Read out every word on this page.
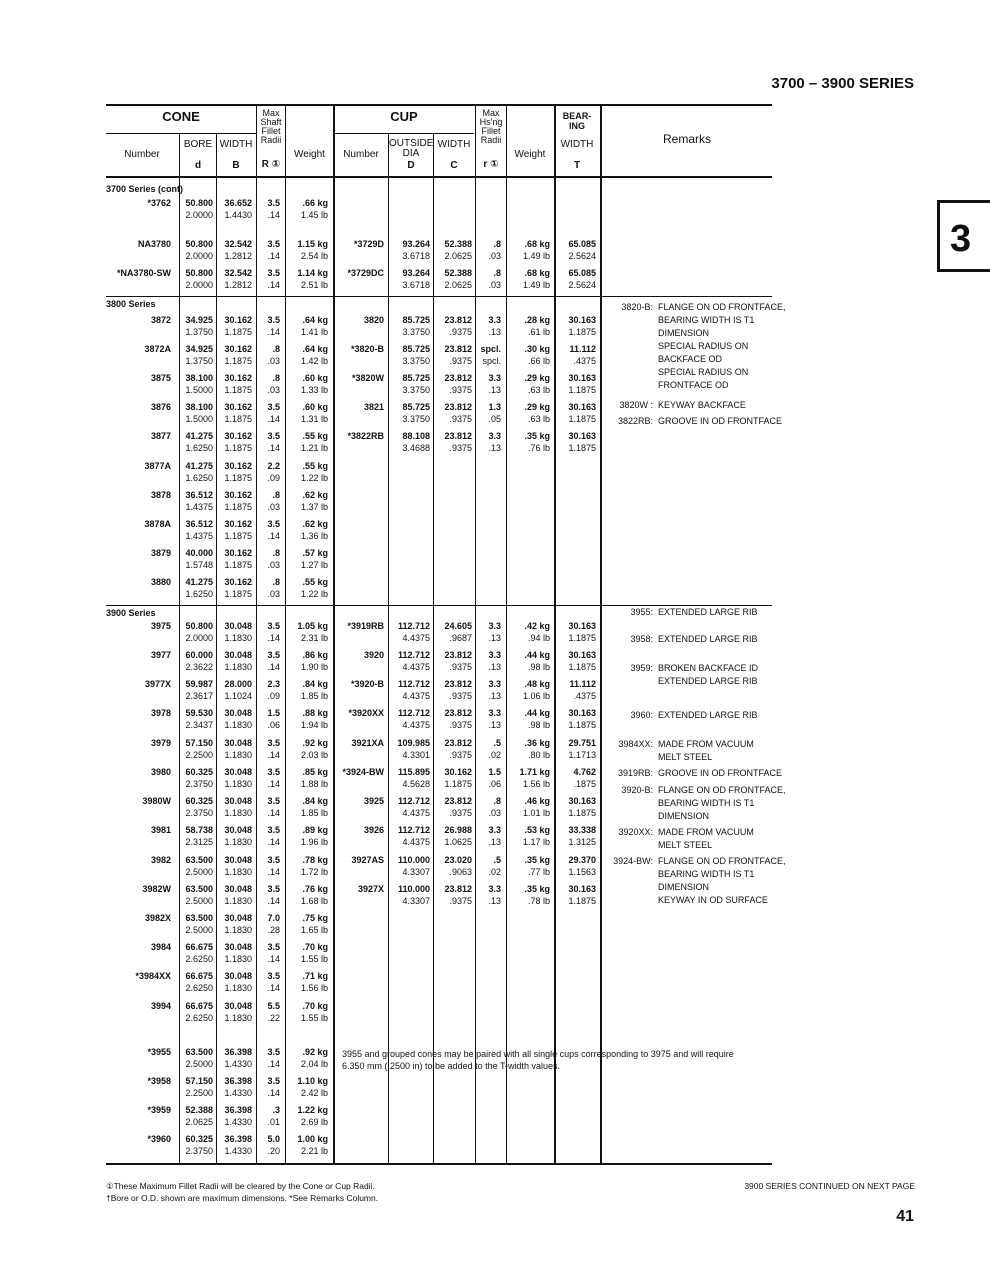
3700 – 3900 SERIES
3
CONE
Number
BORE
d
WIDTH
B
Max Shaft Fillet Radii
R ①
Weight
CUP
Number
OUTSIDE DIA
D
WIDTH
C
Max Hs'ng Fillet Radii
r ①
Weight
BEAR- ING
WIDTH
T
Remarks
3700 Series (cont)
3800 Series
3900 Series
*3762 50.800
2.0000
36.652
1.4430
3.5
.14
.66 kg
1.45 lb
NA3780 50.800
2.0000
32.542
1.2812
3.5
.14
1.15 kg
2.54 lb
93.264
3.6718
52.388
2.0625
.8
.03
.68 kg
1.49 lb
65.085
2.5624
*3729D
*NA3780-SW 50.800
2.0000
32.542
1.2812
3.5
.14
1.14 kg
2.51 lb
93.264
3.6718
52.388
2.0625
.8
.03
.68 kg
1.49 lb
65.085
2.5624
*3729DC
3872 34.925
1.3750
30.162
1.1875
3.5
.14
.64 kg
1.41 lb
85.725
3.3750
23.812
.9375
3.3
.13
.28 kg
.61 lb
30.163
1.1875
3820
3872A 34.925
1.3750
30.162
1.1875
.8
.03
.64 kg
1.42 lb
85.725
3.3750
23.812
.9375
spcl.
spcl.
.30 kg
.66 lb
11.112
.4375
*3820-B
3875 38.100
1.5000
30.162
1.1875
.8
.03
.60 kg
1.33 lb
85.725
3.3750
23.812
.9375
3.3
.13
.29 kg
.63 lb
30.163
1.1875
*3820W
3876 38.100
1.5000
30.162
1.1875
3.5
.14
.60 kg
1.31 lb
85.725
3.3750
23.812
.9375
1.3
.05
.29 kg
.63 lb
30.163
1.1875
3821
3877 41.275
1.6250
30.162
1.1875
3.5
.14
.55 kg
1.21 lb
88.108
3.4688
23.812
.9375
3.3
.13
.35 kg
.76 lb
30.163
1.1875
*3822RB
3877A 41.275
1.6250
30.162
1.1875
2.2
.09
.55 kg
1.22 lb
3878 36.512
1.4375
30.162
1.1875
.8
.03
.62 kg
1.37 lb
3878A 36.512
1.4375
30.162
1.1875
3.5
.14
.62 kg
1.36 lb
3879 40.000
1.5748
30.162
1.1875
.8
.03
.57 kg
1.27 lb
3880 41.275
1.6250
30.162
1.1875
.8
.03
.55 kg
1.22 lb
3975 50.800
2.0000
30.048
1.1830
3.5
.14
1.05 kg
2.31 lb
112.712
4.4375
24.605
.9687
3.3
.13
.42 kg
.94 lb
30.163
1.1875
*3919RB
3977 60.000
2.3622
30.048
1.1830
3.5
.14
.86 kg
1.90 lb
112.712
4.4375
23.812
.9375
3.3
.13
.44 kg
.98 lb
30.163
1.1875
3920
3977X 59.987
2.3617
28.000
1.1024
2.3
.09
.84 kg
1.85 lb
112.712
4.4375
23.812
.9375
3.3
.13
.48 kg
1.06 lb
11.112
.4375
*3920-B
3978 59.530
2.3437
30.048
1.1830
1.5
.06
.88 kg
1.94 lb
112.712
4.4375
23.812
.9375
3.3
.13
.44 kg
.98 lb
30.163
1.1875
*3920XX
3979 57.150
2.2500
30.048
1.1830
3.5
.14
.92 kg
2.03 lb
109.985
4.3301
23.812
.9375
.5
.02
.36 kg
.80 lb
29.751
1.1713
3921XA
3980 60.325
2.3750
30.048
1.1830
3.5
.14
.85 kg
1.88 lb
115.895
4.5628
30.162
1.1875
1.5
.06
1.71 kg
1.56 lb
4.762
.1875
*3924-BW
3980W 60.325
2.3750
30.048
1.1830
3.5
.14
.84 kg
1.85 lb
112.712
4.4375
23.812
.9375
.8
.03
.46 kg
1.01 lb
30.163
1.1875
3925
3981 58.738
2.3125
30.048
1.1830
3.5
.14
.89 kg
1.96 lb
112.712
4.4375
26.988
1.0625
3.3
.13
.53 kg
1.17 lb
33.338
1.3125
3926
3982 63.500
2.5000
30.048
1.1830
3.5
.14
.78 kg
1.72 lb
110.000
4.3307
23.020
.9063
.5
.02
.35 kg
.77 lb
29.370
1.1563
3927AS
3982W 63.500
2.5000
30.048
1.1830
3.5
.14
.76 kg
1.68 lb
110.000
4.3307
23.812
.9375
3.3
.13
.35 kg
.78 lb
30.163
1.1875
3927X
3982X 63.500
2.5000
30.048
1.1830
7.0
.28
.75 kg
1.65 lb
3984 66.675
2.6250
30.048
1.1830
3.5
.14
.70 kg
1.55 lb
*3984XX 66.675
2.6250
30.048
1.1830
3.5
.14
.71 kg
1.56 lb
3994 66.675
2.6250
30.048
1.1830
5.5
.22
.70 kg
1.55 lb
*3955 63.500
2.5000
36.398
1.4330
3.5
.14
.92 kg
2.04 lb
*3958 57.150
2.2500
36.398
1.4330
3.5
.14
1.10 kg
2.42 lb
*3959 52.388
2.0625
36.398
1.4330
.3
.01
1.22 kg
2.69 lb
*3960 60.325
2.3750
36.398
1.4330
5.0
.20
1.00 kg
2.21 lb
3820-B: FLANGE ON OD FRONTFACE,
BEARING WIDTH IS T1
DIMENSION
SPECIAL RADIUS ON
BACKFACE OD
SPECIAL RADIUS ON
FRONTFACE OD
3820W : KEYWAY BACKFACE
3822RB: GROOVE IN OD FRONTFACE
3955: EXTENDED LARGE RIB
3958: EXTENDED LARGE RIB
3959: BROKEN BACKFACE ID
EXTENDED LARGE RIB
3960: EXTENDED LARGE RIB
3984XX: MADE FROM VACUUM
MELT STEEL
3919RB: GROOVE IN OD FRONTFACE
3920-B: FLANGE ON OD FRONTFACE,
BEARING WIDTH IS T1
DIMENSION
3920XX: MADE FROM VACUUM
MELT STEEL
3924-BW: FLANGE ON OD FRONTFACE,
BEARING WIDTH IS T1
DIMENSION
KEYWAY IN OD SURFACE
3955 and grouped cones may be paired with all single cups corresponding to 3975 and will require 6.350 mm (.2500 in) to be added to the T-width values.
①These Maximum Fillet Radii will be cleared by the Cone or Cup Radii.
†Bore or O.D. shown are maximum dimensions. *See Remarks Column.
3900 SERIES CONTINUED ON NEXT PAGE
41
